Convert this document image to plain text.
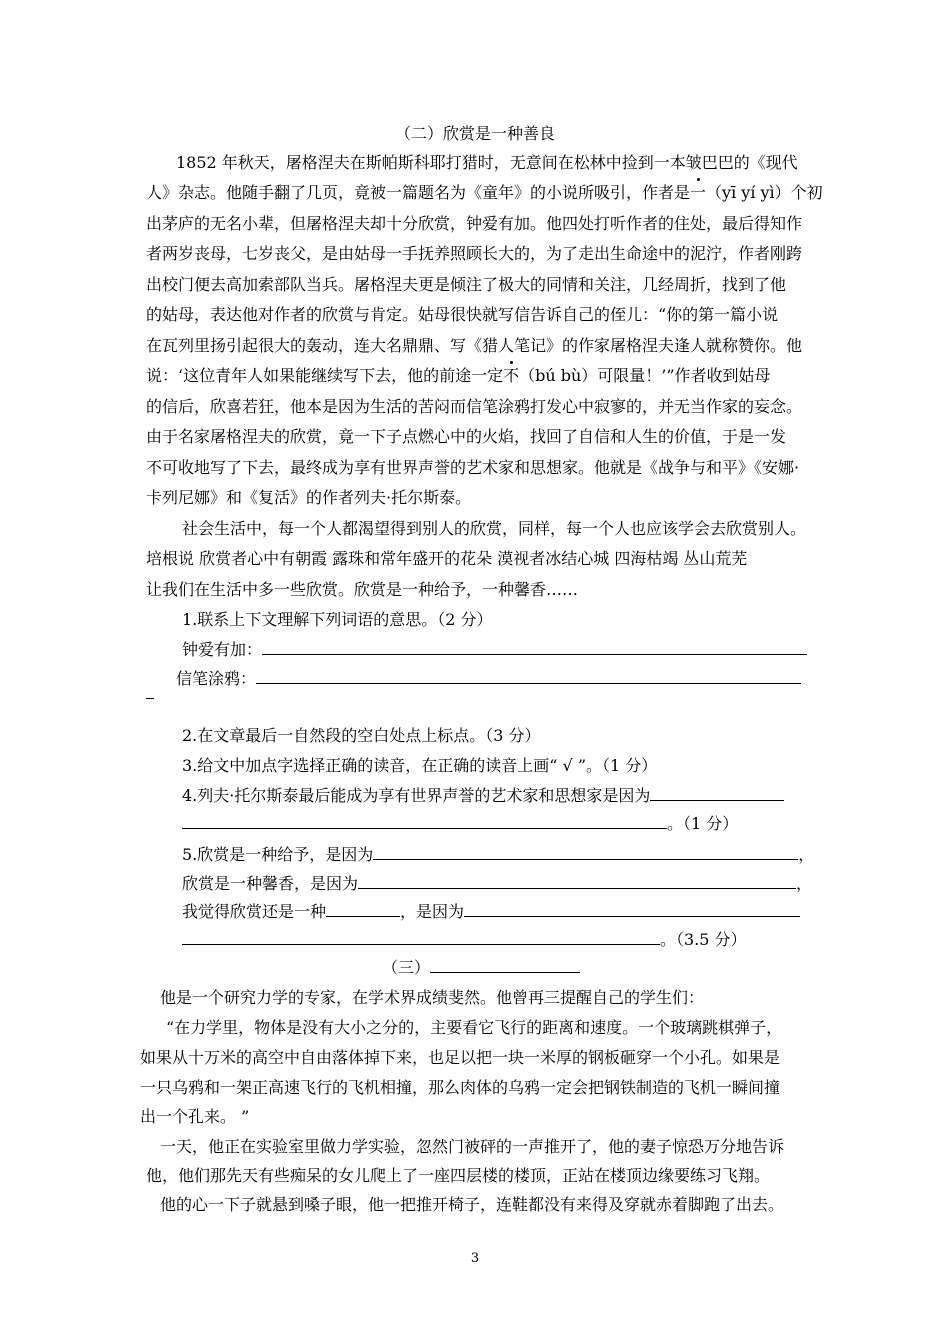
（二）欣赏是一种善良
1852 年秋天，屠格涅夫在斯帕斯科耶打猎时，无意间在松林中捡到一本皱巴巴的《现代
人》杂志。他随手翻了几页，竟被一篇题名为《童年》的小说所吸引，作者是一（yī yí yì）个初
出茅庐的无名小辈，但屠格涅夫却十分欣赏，钟爱有加。他四处打听作者的住处，最后得知作
者两岁丧母，七岁丧父，是由姑母一手抚养照顾长大的，为了走出生命途中的泥泞，作者刚跨
出校门便去高加索部队当兵。屠格涅夫更是倾注了极大的同情和关注，几经周折，找到了他
的姑母，表达他对作者的欣赏与肯定。姑母很快就写信告诉自己的侄儿：“你的第一篇小说
在瓦列里扬引起很大的轰动，连大名鼎鼎、写《猎人笔记》的作家屠格涅夫逢人就称赞你。他
说：‘这位青年人如果能继续写下去，他的前途一定不（bú bù）可限量！’”作者收到姑母
的信后，欣喜若狂，他本是因为生活的苦闷而信笔涂鸦打发心中寂寥的，并无当作家的妄念。
由于名家屠格涅夫的欣赏，竟一下子点燃心中的火焰，找回了自信和人生的价值，于是一发
不可收地写了下去，最终成为享有世界声誉的艺术家和思想家。他就是《战争与和平》《安娜·
卡列尼娜》和《复活》的作者列夫·托尔斯泰。
社会生活中，每一个人都渴望得到别人的欣赏，同样，每一个人也应该学会去欣赏别人。
培根说 欣赏者心中有朝霞 露珠和常年盛开的花朵 漠视者冰结心城 四海枯竭 丛山荒芜
让我们在生活中多一些欣赏。欣赏是一种给予，一种馨香……
1.联系上下文理解下列词语的意思。（2 分）
钟爱有加：
信笔涂鸦：
2.在文章最后一自然段的空白处点上标点。（3 分）
3.给文中加点字选择正确的读音，在正确的读音上画“ √ ”。（1 分）
4.列夫·托尔斯泰最后能成为享有世界声誉的艺术家和思想家是因为
。（1 分）
5.欣赏是一种给予，是因为	，
欣赏是一种馨香，是因为	，
我觉得欣赏还是一种	，是因为
。（3.5 分）
（三）
他是一个研究力学的专家，在学术界成绩斐然。他曾再三提醒自己的学生们：
“在力学里，物体是没有大小之分的，主要看它飞行的距离和速度。一个玻璃跳棋弹子，
如果从十万米的高空中自由落体掉下来，也足以把一块一米厚的钢板砸穿一个小孔。如果是
一只乌鸦和一架正高速飞行的飞机相撞，那么肉体的乌鸦一定会把钢铁制造的飞机一瞬间撞
出一个孔来。 ”
一天，他正在实验室里做力学实验，忽然门被砰的一声推开了，他的妻子惊恐万分地告诉
他，他们那先天有些痴呆的女儿爬上了一座四层楼的楼顶，正站在楼顶边缘要练习飞翔。
他的心一下子就悬到嗓子眼，他一把推开椅子，连鞋都没有来得及穿就赤着脚跑了出去。
3
